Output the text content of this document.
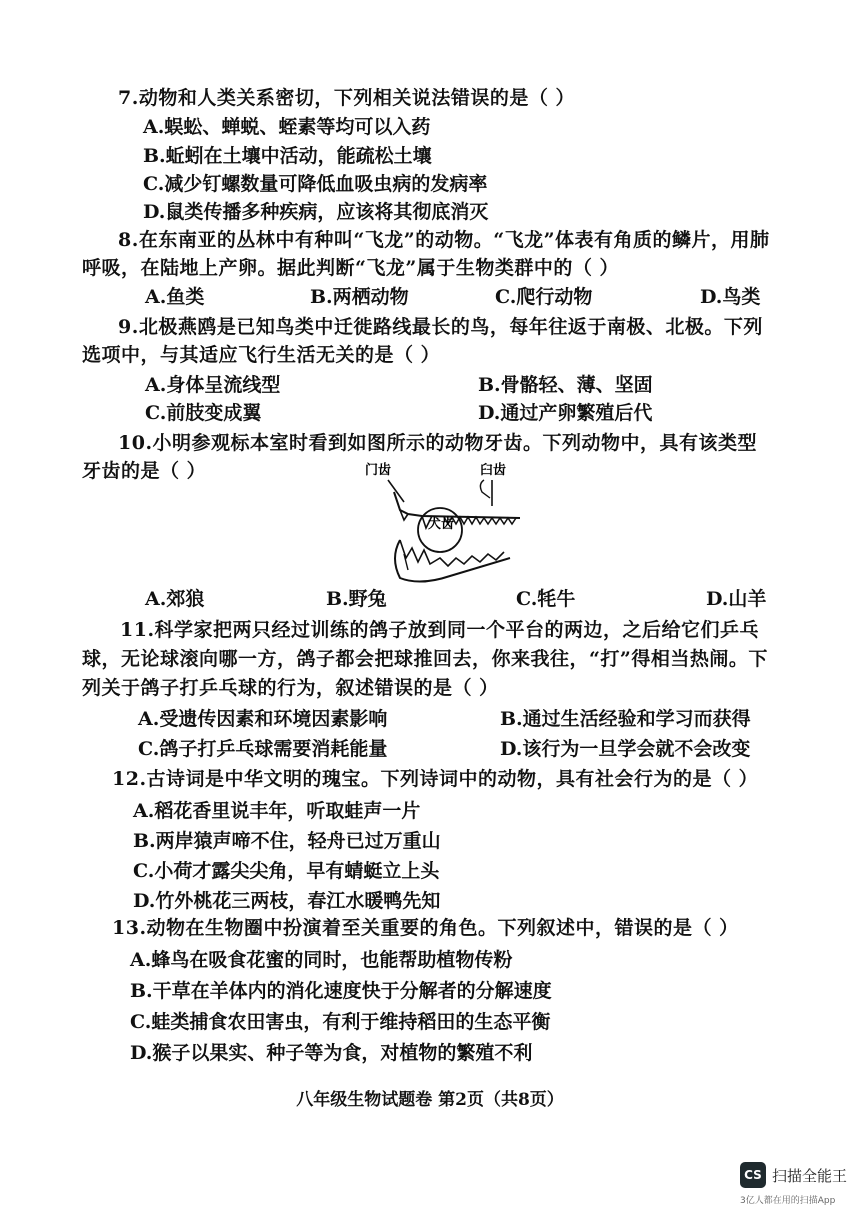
7.动物和人类关系密切，下列相关说法错误的是（ ）
A.蜈蚣、蝉蜕、蛭素等均可以入药
B.蚯蚓在土壤中活动，能疏松土壤
C.减少钉螺数量可降低血吸虫病的发病率
D.鼠类传播多种疾病，应该将其彻底消灭
8.在东南亚的丛林中有种叫“飞龙”的动物。“飞龙”体表有角质的鳞片，用肺
呼吸，在陆地上产卵。据此判断“飞龙”属于生物类群中的（ ）
A.鱼类	B.两栖动物	C.爬行动物	D.鸟类
9.北极燕鸥是已知鸟类中迁徙路线最长的鸟，每年往返于南极、北极。下列
选项中，与其适应飞行生活无关的是（ ）
A.身体呈流线型	B.骨骼轻、薄、坚固
C.前肢变成翼	D.通过产卵繁殖后代
10.小明参观标本室时看到如图所示的动物牙齿。下列动物中，具有该类型
牙齿的是（ ）	门齿	臼齿
犬齿
A.郊狼	B.野兔	C.牦牛	D.山羊
11.科学家把两只经过训练的鸽子放到同一个平台的两边，之后给它们乒乓
球，无论球滚向哪一方，鸽子都会把球推回去，你来我往，“打”得相当热闹。下
列关于鸽子打乒乓球的行为，叙述错误的是（ ）
A.受遗传因素和环境因素影响	B.通过生活经验和学习而获得
C.鸽子打乒乓球需要消耗能量	D.该行为一旦学会就不会改变
12.古诗词是中华文明的瑰宝。下列诗词中的动物，具有社会行为的是（ ）
A.稻花香里说丰年，听取蛙声一片
B.两岸猿声啼不住，轻舟已过万重山
C.小荷才露尖尖角，早有蜻蜓立上头
D.竹外桃花三两枝，春江水暖鸭先知
13.动物在生物圈中扮演着至关重要的角色。下列叙述中，错误的是（ ）
A.蜂鸟在吸食花蜜的同时，也能帮助植物传粉
B.干草在羊体内的消化速度快于分解者的分解速度
C.蛙类捕食农田害虫，有利于维持稻田的生态平衡
D.猴子以果实、种子等为食，对植物的繁殖不利
八年级生物试题卷 第2页（共8页）
CS 扫描全能王
3亿人都在用的扫描App
